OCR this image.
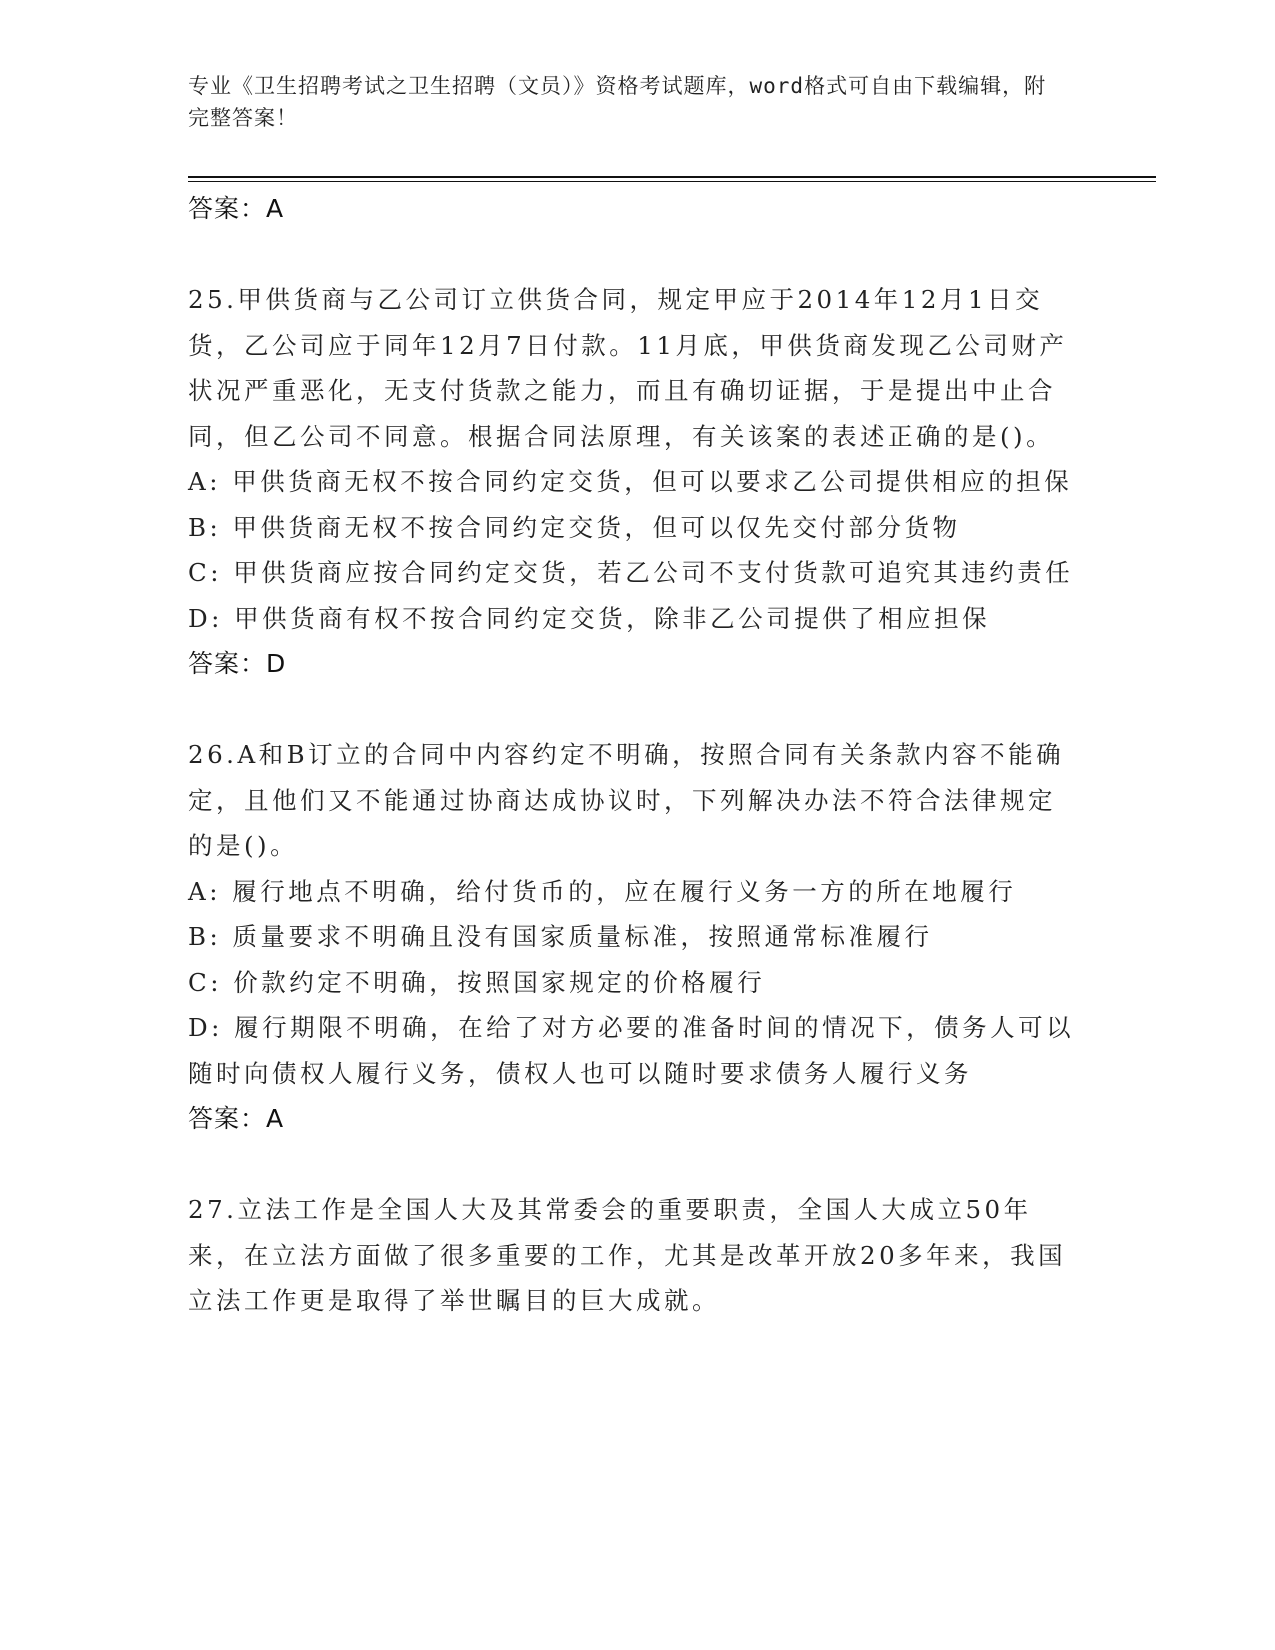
专业《卫生招聘考试之卫生招聘（文员）》资格考试题库，word格式可自由下载编辑，附完整答案！
答案：A

25.甲供货商与乙公司订立供货合同，规定甲应于2014年12月1日交货，乙公司应于同年12月7日付款。11月底，甲供货商发现乙公司财产状况严重恶化，无支付货款之能力，而且有确切证据，于是提出中止合同，但乙公司不同意。根据合同法原理，有关该案的表述正确的是()。

A: 甲供货商无权不按合同约定交货，但可以要求乙公司提供相应的担保

B: 甲供货商无权不按合同约定交货，但可以仅先交付部分货物

C: 甲供货商应按合同约定交货，若乙公司不支付货款可追究其违约责任

D: 甲供货商有权不按合同约定交货，除非乙公司提供了相应担保

答案：D

26.A和B订立的合同中内容约定不明确，按照合同有关条款内容不能确定，且他们又不能通过协商达成协议时，下列解决办法不符合法律规定的是()。

A: 履行地点不明确，给付货币的，应在履行义务一方的所在地履行

B: 质量要求不明确且没有国家质量标准，按照通常标准履行

C: 价款约定不明确，按照国家规定的价格履行

D: 履行期限不明确，在给了对方必要的准备时间的情况下，债务人可以随时向债权人履行义务，债权人也可以随时要求债务人履行义务

答案：A

27.立法工作是全国人大及其常委会的重要职责，全国人大成立50年来，在立法方面做了很多重要的工作，尤其是改革开放20多年来，我国立法工作更是取得了举世瞩目的巨大成就。
